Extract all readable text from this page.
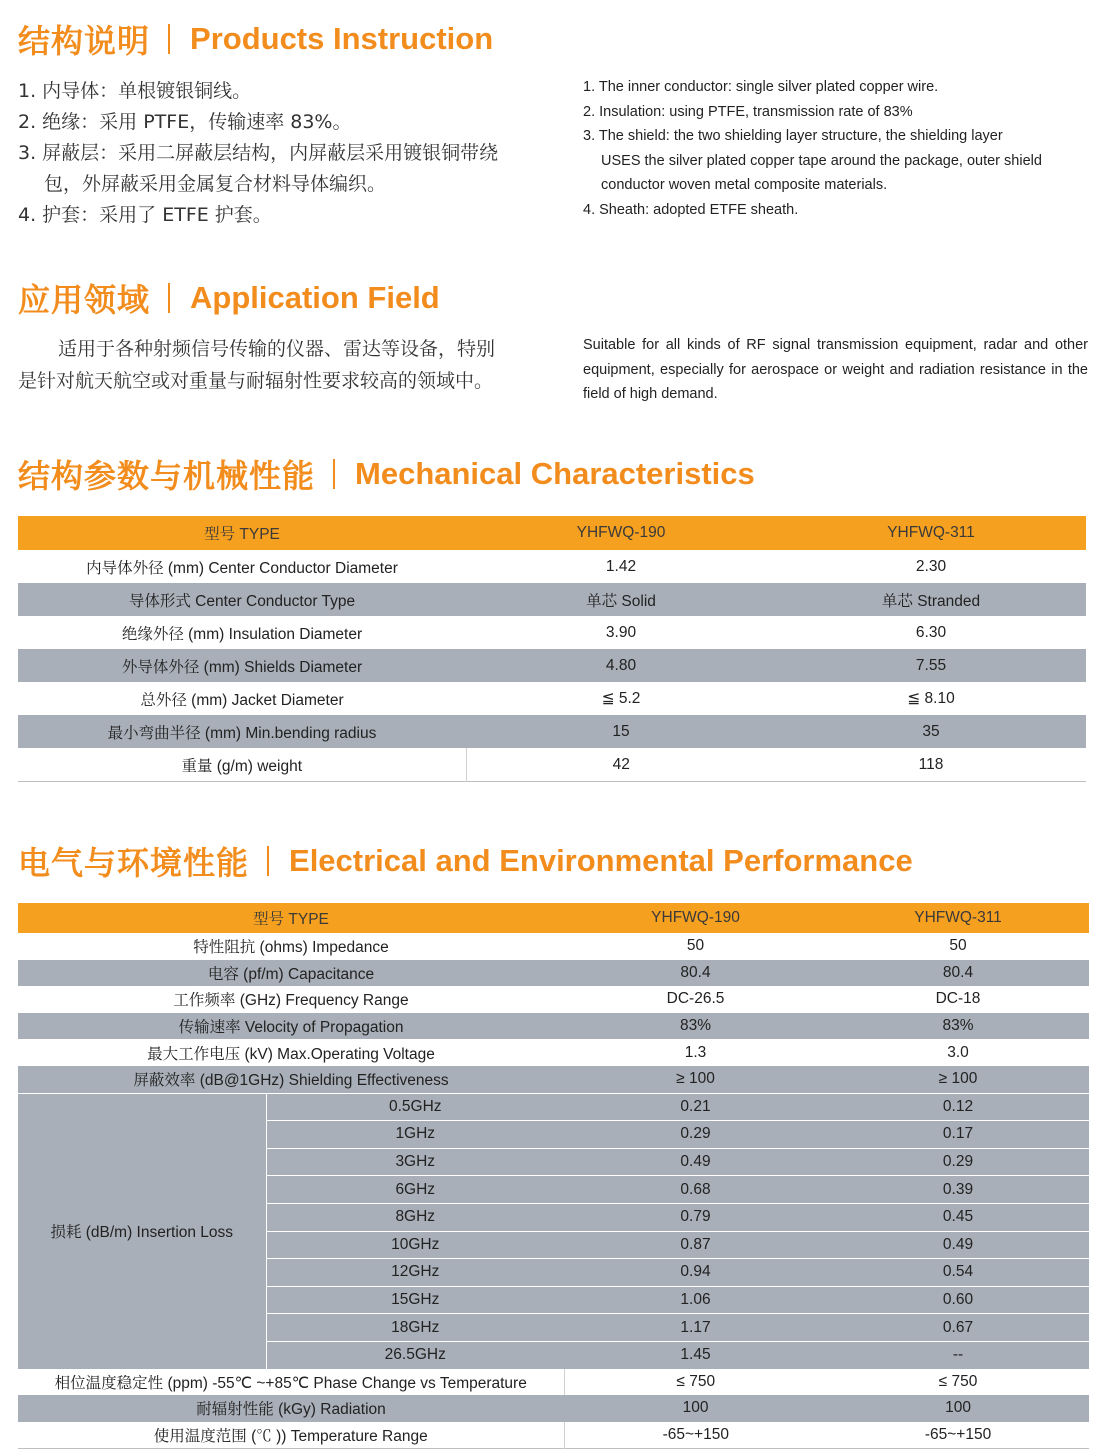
结构说明 Products Instruction
1. 内导体：单根镀银铜线。
2. 绝缘：采用 PTFE，传输速率 83%。
3. 屏蔽层：采用二屏蔽层结构，内屏蔽层采用镀银铜带绕
包，外屏蔽采用金属复合材料导体编织。
4. 护套：采用了 ETFE 护套。
1. The inner conductor: single silver plated copper wire.
2. Insulation: using PTFE, transmission rate of 83%
3. The shield: the two shielding layer structure, the shielding layer
USES the silver plated copper tape around the package, outer shield
conductor woven metal composite materials.
4. Sheath: adopted ETFE sheath.
应用领域 Application Field
适用于各种射频信号传输的仪器、雷达等设备，特别
是针对航天航空或对重量与耐辐射性要求较高的领域中。
Suitable for all kinds of RF signal transmission equipment, radar and other equipment, especially for aerospace or weight and radiation resistance in the field of high demand.
结构参数与机械性能 Mechanical Characteristics
型号 TYPE	YHFWQ-190	YHFWQ-311
内导体外径 (mm) Center Conductor Diameter	1.42	2.30
导体形式 Center Conductor Type	单芯 Solid	单芯 Stranded
绝缘外径 (mm) Insulation Diameter	3.90	6.30
外导体外径 (mm) Shields Diameter	4.80	7.55
总外径 (mm) Jacket Diameter	≦ 5.2	≦ 8.10
最小弯曲半径 (mm) Min.bending radius	15	35
重量 (g/m) weight	42	118
电气与环境性能 Electrical and Environmental Performance
型号 TYPE		YHFWQ-190	YHFWQ-311
特性阻抗 (ohms) Impedance		50	50
电容 (pf/m) Capacitance		80.4	80.4
工作频率 (GHz) Frequency Range		DC-26.5	DC-18
传输速率 Velocity of Propagation		83%	83%
最大工作电压 (kV) Max.Operating Voltage		1.3	3.0
屏蔽效率 (dB@1GHz) Shielding Effectiveness		≥ 100	≥ 100
损耗 (dB/m) Insertion Loss	0.5GHz	0.21	0.12
	1GHz	0.29	0.17
	3GHz	0.49	0.29
	6GHz	0.68	0.39
	8GHz	0.79	0.45
	10GHz	0.87	0.49
	12GHz	0.94	0.54
	15GHz	1.06	0.60
	18GHz	1.17	0.67
	26.5GHz	1.45	--
相位温度稳定性 (ppm) -55℃ ~+85℃ Phase Change vs Temperature		≤ 750	≤ 750
耐辐射性能 (kGy) Radiation		100	100
使用温度范围 (℃ )) Temperature Range		-65~+150	-65~+150
